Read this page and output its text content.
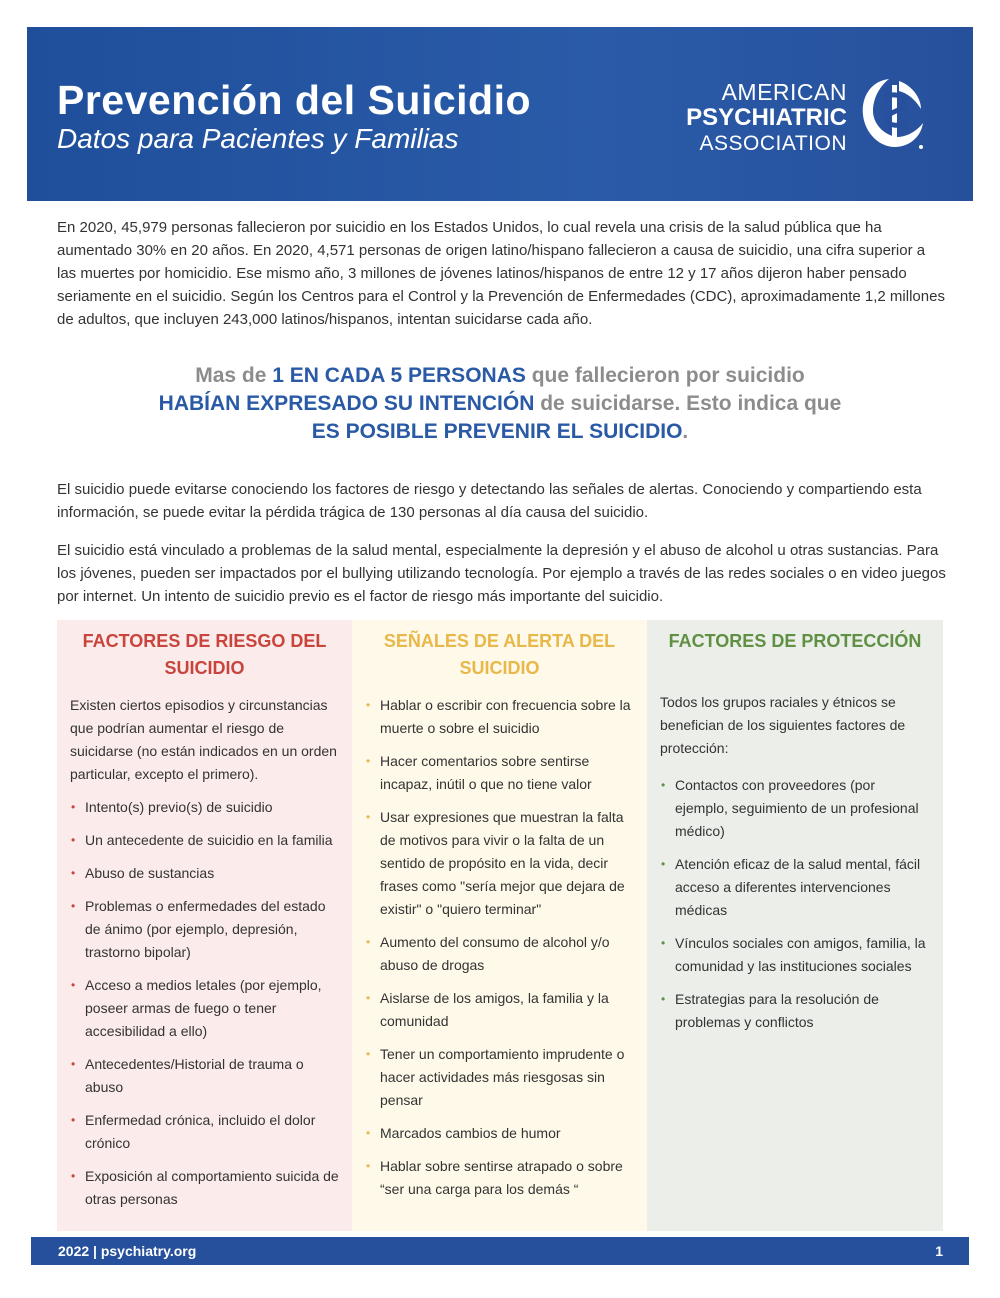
Prevención del Suicidio
Datos para Pacientes y Familias
AMERICAN
PSYCHIATRIC
ASSOCIATION
En 2020, 45,979 personas fallecieron por suicidio en los Estados Unidos, lo cual revela una crisis de la salud pública que ha aumentado 30% en 20 años. En 2020, 4,571 personas de origen latino/hispano fallecieron a causa de suicidio, una cifra superior a las muertes por homicidio. Ese mismo año, 3 millones de jóvenes latinos/hispanos de entre 12 y 17 años dijeron haber pensado seriamente en el suicidio. Según los Centros para el Control y la Prevención de Enfermedades (CDC), aproximadamente 1,2 millones de adultos, que incluyen 243,000 latinos/hispanos, intentan suicidarse cada año.
Mas de 1 EN CADA 5 PERSONAS que fallecieron por suicidio
HABÍAN EXPRESADO SU INTENCIÓN de suicidarse. Esto indica que
ES POSIBLE PREVENIR EL SUICIDIO.
El suicidio puede evitarse conociendo los factores de riesgo y detectando las señales de alertas. Conociendo y compartiendo esta información, se puede evitar la pérdida trágica de 130 personas al día causa del suicidio.
El suicidio está vinculado a problemas de la salud mental, especialmente la depresión y el abuso de alcohol u otras sustancias. Para los jóvenes, pueden ser impactados por el bullying utilizando tecnología. Por ejemplo a través de las redes sociales o en video juegos por internet. Un intento de suicidio previo es el factor de riesgo más importante del suicidio.
FACTORES DE RIESGO DEL SUICIDIO
Existen ciertos episodios y circunstancias que podrían aumentar el riesgo de suicidarse (no están indicados en un orden particular, excepto el primero).
• Intento(s) previo(s) de suicidio
• Un antecedente de suicidio en la familia
• Abuso de sustancias
• Problemas o enfermedades del estado de ánimo (por ejemplo, depresión, trastorno bipolar)
• Acceso a medios letales (por ejemplo, poseer armas de fuego o tener accesibilidad a ello)
• Antecedentes/Historial de trauma o abuso
• Enfermedad crónica, incluido el dolor crónico
• Exposición al comportamiento suicida de otras personas
SEÑALES DE ALERTA DEL SUICIDIO
• Hablar o escribir con frecuencia sobre la muerte o sobre el suicidio
• Hacer comentarios sobre sentirse incapaz, inútil o que no tiene valor
• Usar expresiones que muestran la falta de motivos para vivir o la falta de un sentido de propósito en la vida, decir frases como "sería mejor que dejara de existir" o "quiero terminar"
• Aumento del consumo de alcohol y/o abuso de drogas
• Aislarse de los amigos, la familia y la comunidad
• Tener un comportamiento imprudente o hacer actividades más riesgosas sin pensar
• Marcados cambios de humor
• Hablar sobre sentirse atrapado o sobre “ser una carga para los demás “
FACTORES DE PROTECCIÓN
Todos los grupos raciales y étnicos se benefician de los siguientes factores de protección:
• Contactos con proveedores (por ejemplo, seguimiento de un profesional médico)
• Atención eficaz de la salud mental, fácil acceso a diferentes intervenciones médicas
• Vínculos sociales con amigos, familia, la comunidad y las instituciones sociales
• Estrategias para la resolución de problemas y conflictos
2022 | psychiatry.org	1
